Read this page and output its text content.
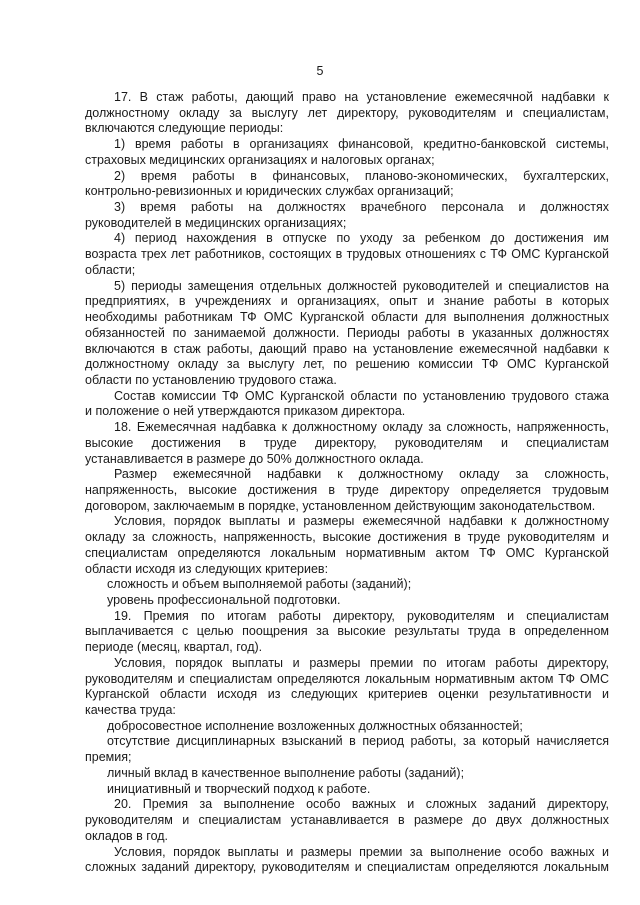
5
17. В стаж работы, дающий право на установление ежемесячной надбавки к
должностному окладу за выслугу лет директору, руководителям и специалистам,
включаются следующие периоды:
1) время работы в организациях финансовой, кредитно-банковской системы,
страховых медицинских организациях и налоговых органах;
2) время работы в финансовых, планово-экономических, бухгалтерских,
контрольно-ревизионных и юридических службах организаций;
3) время работы на должностях врачебного персонала и должностях
руководителей в медицинских организациях;
4) период нахождения в отпуске по уходу за ребенком до достижения им
возраста трех лет работников, состоящих в трудовых отношениях с ТФ ОМС Курганской
области;
5) периоды замещения отдельных должностей руководителей и специалистов на
предприятиях, в учреждениях и организациях, опыт и знание работы в которых
необходимы работникам ТФ ОМС Курганской области для выполнения должностных
обязанностей по занимаемой должности. Периоды работы в указанных должностях
включаются в стаж работы, дающий право на установление ежемесячной надбавки к
должностному окладу за выслугу лет, по решению комиссии ТФ ОМС Курганской
области по установлению трудового стажа.
Состав комиссии ТФ ОМС Курганской области по установлению трудового стажа
и положение о ней утверждаются приказом директора.
18. Ежемесячная надбавка к должностному окладу за сложность, напряженность,
высокие достижения в труде директору, руководителям и специалистам
устанавливается в размере до 50% должностного оклада.
Размер ежемесячной надбавки к должностному окладу за сложность,
напряженность, высокие достижения в труде директору определяется трудовым
договором, заключаемым в порядке, установленном действующим законодательством.
Условия, порядок выплаты и размеры ежемесячной надбавки к должностному
окладу за сложность, напряженность, высокие достижения в труде руководителям и
специалистам определяются локальным нормативным актом ТФ ОМС Курганской
области исходя из следующих критериев:
сложность и объем выполняемой работы (заданий);
уровень профессиональной подготовки.
19. Премия по итогам работы директору, руководителям и специалистам
выплачивается с целью поощрения за высокие результаты труда в определенном
периоде (месяц, квартал, год).
Условия, порядок выплаты и размеры премии по итогам работы директору,
руководителям и специалистам определяются локальным нормативным актом ТФ ОМС
Курганской области исходя из следующих критериев оценки результативности и
качества труда:
добросовестное исполнение возложенных должностных обязанностей;
отсутствие дисциплинарных взысканий в период работы, за который начисляется
премия;
личный вклад в качественное выполнение работы (заданий);
инициативный и творческий подход к работе.
20. Премия за выполнение особо важных и сложных заданий директору,
руководителям и специалистам устанавливается в размере до двух должностных
окладов в год.
Условия, порядок выплаты и размеры премии за выполнение особо важных и
сложных заданий директору, руководителям и специалистам определяются локальным
